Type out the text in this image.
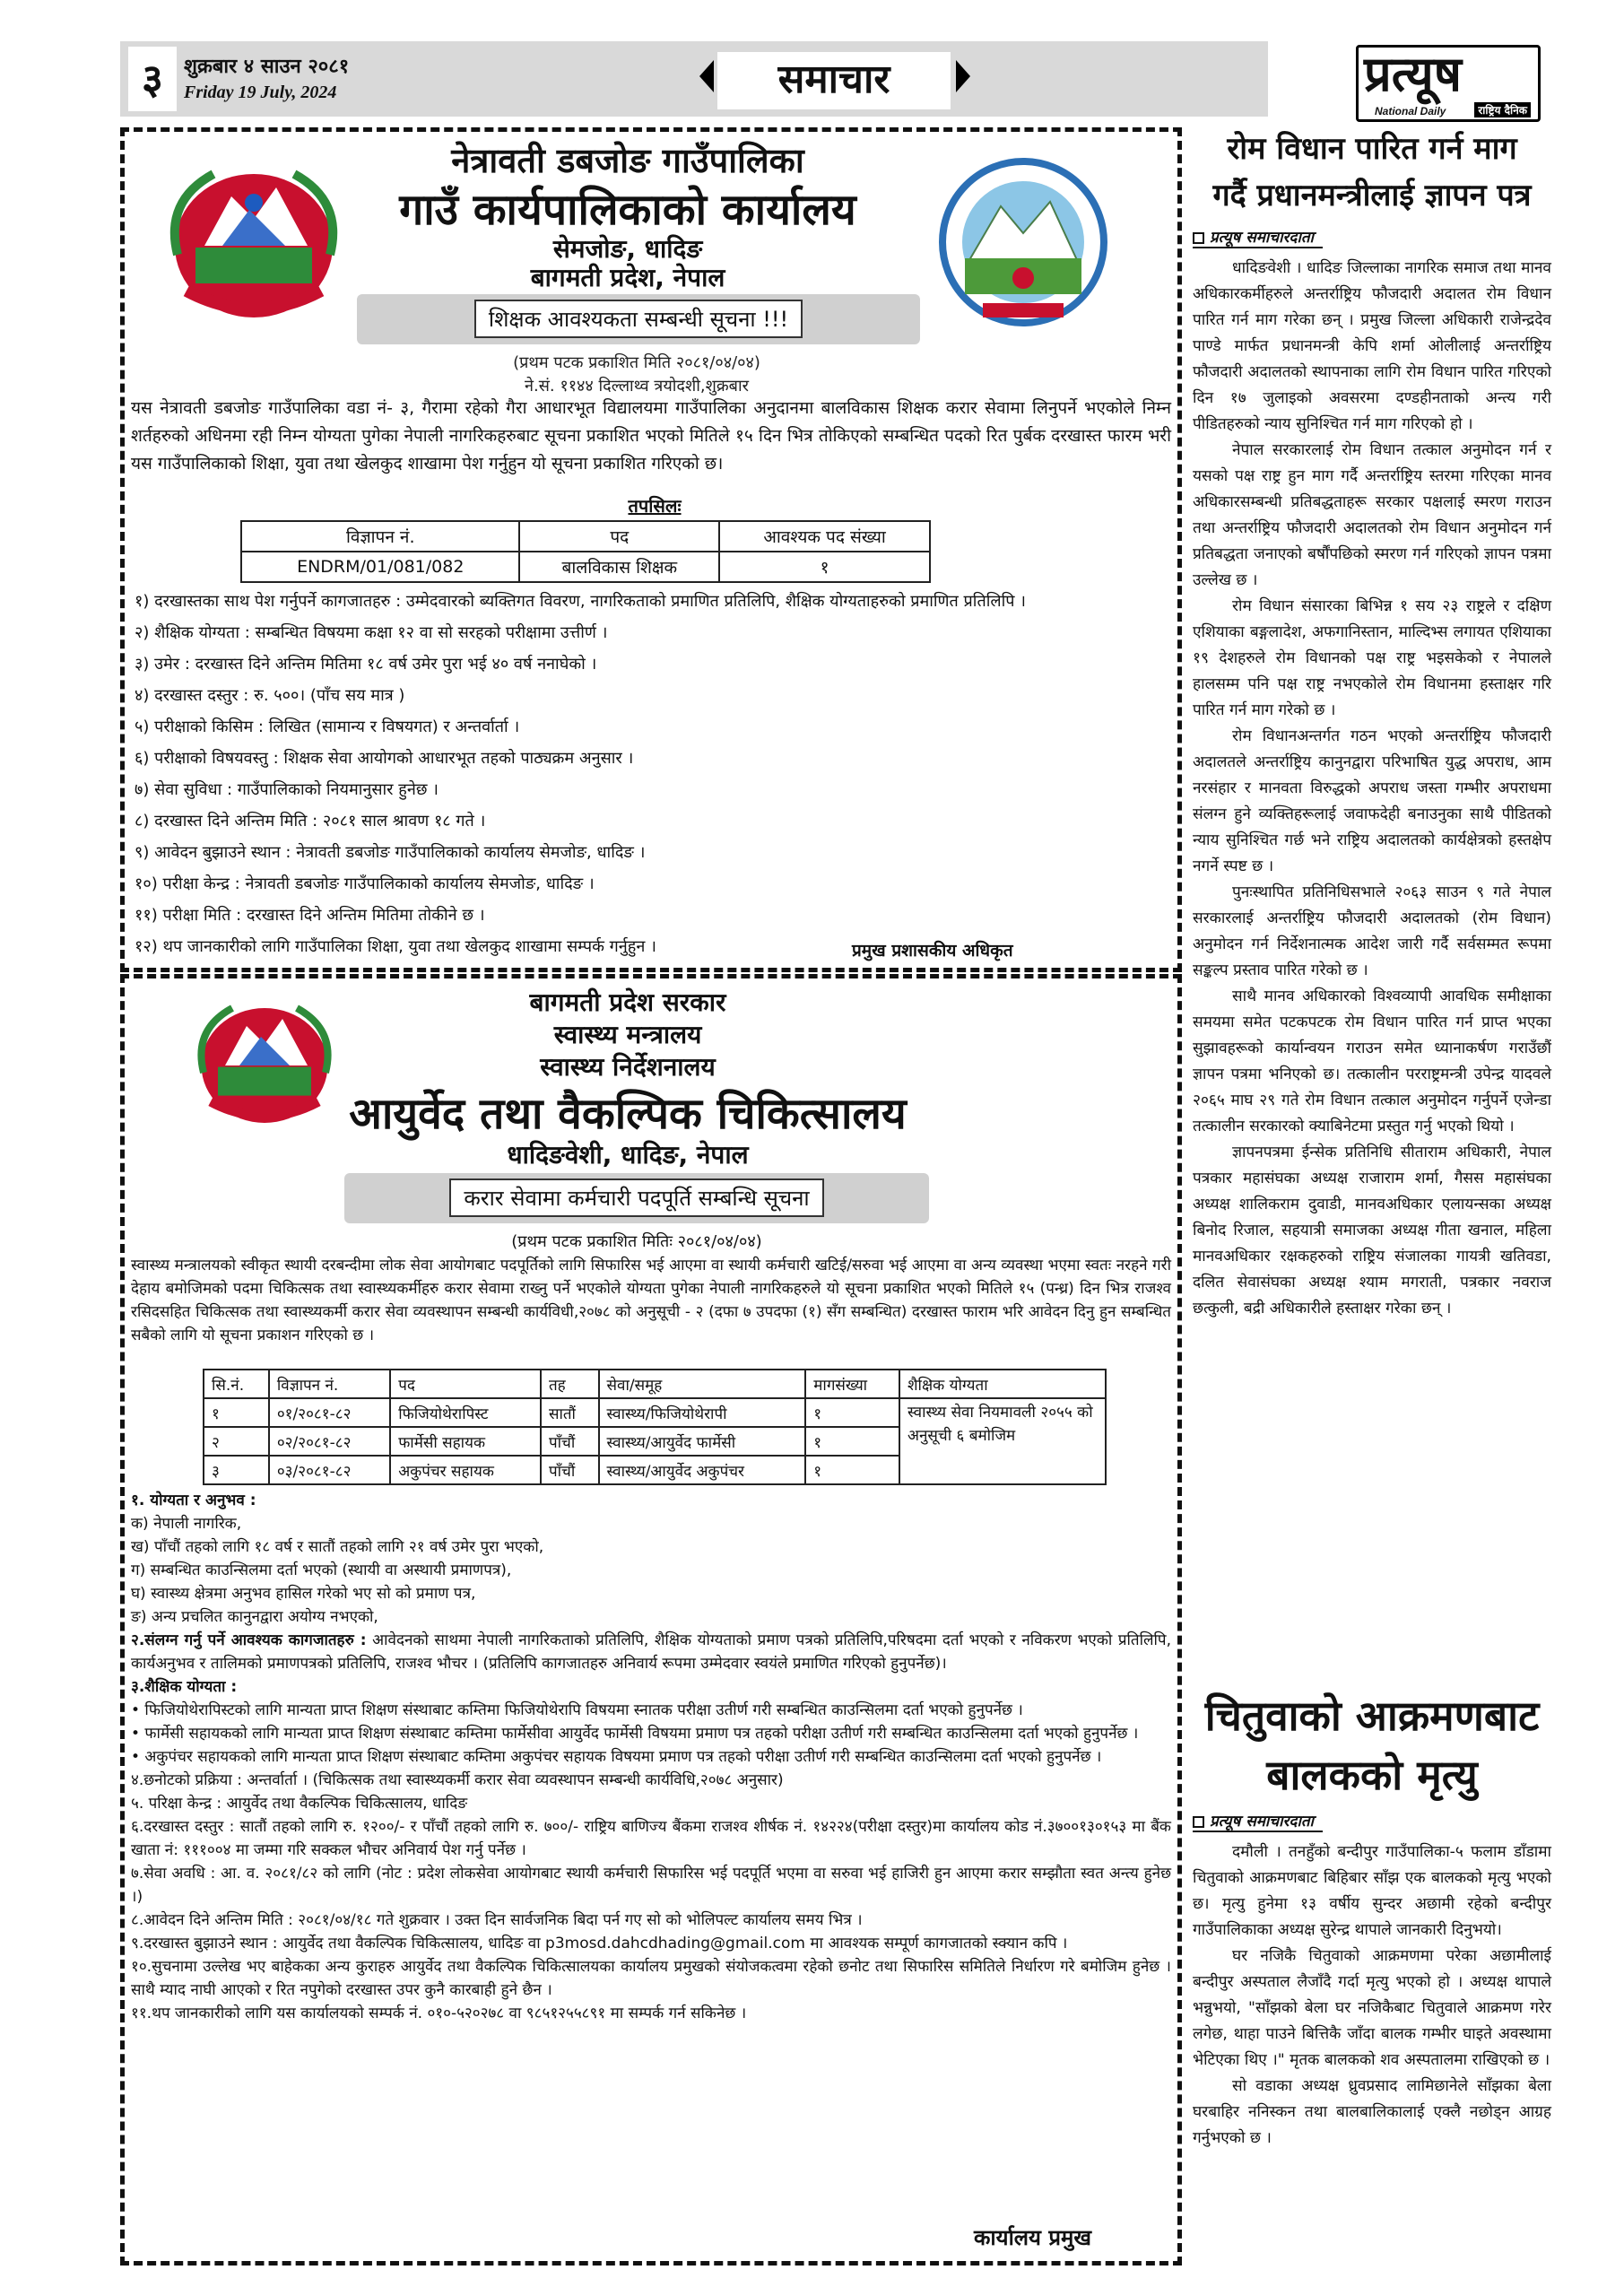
३	शुक्रबार ४ साउन २०८१
Friday 19 July, 2024	समाचार	प्रत्यूष
National Daily	राष्ट्रिय दैनिक
नेत्रावती डबजोङ गाउँपालिका
गाउँ कार्यपालिकाको कार्यालय
सेमजोङ, धादिङ
बागमती प्रदेश, नेपाल
शिक्षक आवश्यकता सम्बन्धी सूचना !!!
(प्रथम पटक प्रकाशित मिति २०८१/०४/०४)
ने.सं. ११४४ दिल्लाथ्व त्रयोदशी,शुक्रबार
यस नेत्रावती डबजोङ गाउँपालिका वडा नं- ३, गैरामा रहेको गैरा आधारभूत विद्यालयमा गाउँपालिका अनुदानमा बालविकास शिक्षक करार सेवामा लिनुपर्ने भएकोले निम्न शर्तहरुको अधिनमा रही निम्न योग्यता पुगेका नेपाली नागरिकहरुबाट सूचना प्रकाशित भएको मितिले १५ दिन भित्र तोकिएको सम्बन्धित पदको रित पुर्बक दरखास्त फारम भरी यस गाउँपालिकाको शिक्षा, युवा तथा खेलकुद शाखामा पेश गर्नुहुन यो सूचना प्रकाशित गरिएको छ।
तपसिलः
विज्ञापन नं.	पद	आवश्यक पद संख्या
ENDRM/01/081/082	बालविकास शिक्षक	१
१) दरखास्तका साथ पेश गर्नुपर्ने कागजातहरु : उम्मेदवारको ब्यक्तिगत विवरण, नागरिकताको प्रमाणित प्रतिलिपि, शैक्षिक योग्यताहरुको प्रमाणित प्रतिलिपि ।
२) शैक्षिक योग्यता : सम्बन्धित विषयमा कक्षा १२ वा सो सरहको परीक्षामा उत्तीर्ण ।
३) उमेर : दरखास्त दिने अन्तिम मितिमा १८ वर्ष उमेर पुरा भई ४० वर्ष ननाघेको ।
४) दरखास्त दस्तुर : रु. ५००। (पाँच सय मात्र )
५) परीक्षाको किसिम : लिखित (सामान्य र विषयगत) र अन्तर्वार्ता ।
६) परीक्षाको विषयवस्तु : शिक्षक सेवा आयोगको आधारभूत तहको पाठ्यक्रम अनुसार ।
७) सेवा सुविधा : गाउँपालिकाको नियमानुसार हुनेछ ।
८) दरखास्त दिने अन्तिम मिति : २०८१ साल श्रावण १८ गते ।
९) आवेदन बुझाउने स्थान : नेत्रावती डबजोङ गाउँपालिकाको कार्यालय सेमजोङ, धादिङ ।
१०) परीक्षा केन्द्र : नेत्रावती डबजोङ गाउँपालिकाको कार्यालय सेमजोङ, धादिङ ।
११) परीक्षा मिति : दरखास्त दिने अन्तिम मितिमा तोकीने छ ।
१२) थप जानकारीको लागि गाउँपालिका शिक्षा, युवा तथा खेलकुद शाखामा सम्पर्क गर्नुहुन ।	प्रमुख प्रशासकीय अधिकृत
बागमती प्रदेश सरकार
स्वास्थ्य मन्त्रालय
स्वास्थ्य निर्देशनालय
आयुर्वेद तथा वैकल्पिक चिकित्सालय
धादिङवेशी, धादिङ, नेपाल
करार सेवामा कर्मचारी पदपूर्ति सम्बन्धि सूचना
(प्रथम पटक प्रकाशित मितिः २०८१/०४/०४)

स्वास्थ्य मन्त्रालयको स्वीकृत स्थायी दरबन्दीमा लोक सेवा आयोगबाट पदपूर्तिको लागि सिफारिस भई आएमा वा स्थायी कर्मचारी खटिई/सरुवा भई आएमा वा अन्य व्यवस्था भएमा स्वतः नरहने गरी देहाय बमोजिमको पदमा चिकित्सक तथा स्वास्थ्यकर्मीहरु करार सेवामा राख्नु पर्ने भएकोले योग्यता पुगेका नेपाली नागरिकहरुले यो सूचना प्रकाशित भएको मितिले १५ (पन्ध्र) दिन भित्र राजश्व रसिदसहित चिकित्सक तथा स्वास्थ्यकर्मी करार सेवा व्यवस्थापन सम्बन्धी कार्यविधी,२०७८ को अनुसूची - २ (दफा ७ उपदफा (१) सँग सम्बन्धित) दरखास्त फाराम भरि आवेदन दिनु हुन सम्बन्धित सबैको लागि यो सूचना प्रकाशन गरिएको छ ।

सि.नं.	विज्ञापन नं.	पद	तह	सेवा/समूह	मागसंख्या	शैक्षिक योग्यता
१	०१/२०८१-८२	फिजियोथेरापिस्ट	सातौं	स्वास्थ्य/फिजियोथेरापी	१	स्वास्थ्य सेवा नियमावली २०५५ को अनुसूची ६ बमोजिम
२	०२/२०८१-८२	फार्मेसी सहायक	पाँचौं	स्वास्थ्य/आयुर्वेद फार्मेसी	१	
३	०३/२०८१-८२	अकुपंचर सहायक	पाँचौं	स्वास्थ्य/आयुर्वेद अकुपंचर	१	
१. योग्यता र अनुभव :
क) नेपाली नागरिक,
ख) पाँचौं तहको लागि १८ वर्ष र सातौं तहको लागि २१ वर्ष उमेर पुरा भएको,
ग) सम्बन्धित काउन्सिलमा दर्ता भएको (स्थायी वा अस्थायी प्रमाणपत्र),
घ) स्वास्थ्य क्षेत्रमा अनुभव हासिल गरेको भए सो को प्रमाण पत्र,
ङ) अन्य प्रचलित कानुनद्वारा अयोग्य नभएको,

२.संलग्न गर्नु पर्ने आवश्यक कागजातहरु : आवेदनको साथमा नेपाली नागरिकताको प्रतिलिपि, शैक्षिक योग्यताको प्रमाण पत्रको प्रतिलिपि,परिषदमा दर्ता भएको र नविकरण भएको प्रतिलिपि, कार्यअनुभव र तालिमको प्रमाणपत्रको प्रतिलिपि, राजश्व भौचर । (प्रतिलिपि कागजातहरु अनिवार्य रूपमा उम्मेदवार स्वयंले प्रमाणित गरिएको हुनुपर्नेछ)।

३.शैक्षिक योग्यता :

• फिजियोथेरापिस्टको लागि मान्यता प्राप्त शिक्षण संस्थाबाट कम्तिमा फिजियोथेरापि विषयमा स्नातक परीक्षा उतीर्ण गरी सम्बन्धित काउन्सिलमा दर्ता भएको हुनुपर्नेछ ।

• फार्मेसी सहायकको लागि मान्यता प्राप्त शिक्षण संस्थाबाट कम्तिमा फार्मेसीवा आयुर्वेद फार्मेसी विषयमा प्रमाण पत्र तहको परीक्षा उतीर्ण गरी सम्बन्धित काउन्सिलमा दर्ता भएको हुनुपर्नेछ ।

• अकुपंचर सहायकको लागि मान्यता प्राप्त शिक्षण संस्थाबाट कम्तिमा अकुपंचर सहायक विषयमा प्रमाण पत्र तहको परीक्षा उतीर्ण गरी सम्बन्धित काउन्सिलमा दर्ता भएको हुनुपर्नेछ ।

४.छनोटको प्रक्रिया : अन्तर्वार्ता । (चिकित्सक तथा स्वास्थ्यकर्मी करार सेवा व्यवस्थापन सम्बन्धी कार्यविधि,२०७८ अनुसार)

५. परिक्षा केन्द्र : आयुर्वेद तथा वैकल्पिक चिकित्सालय, धादिङ

६.दरखास्त दस्तुर : सातौं तहको लागि रु. १२००/- र पाँचौं तहको लागि रु. ७००/- राष्ट्रिय बाणिज्य बैंकमा राजश्व शीर्षक नं. १४२२४(परीक्षा दस्तुर)मा कार्यालय कोड नं.३७००१३०१५३ मा बैंक खाता नं: १११००४ मा जम्मा गरि सक्कल भौचर अनिवार्य पेश गर्नु पर्नेछ ।

७.सेवा अवधि : आ. व. २०८१/८२ को लागि (नोट : प्रदेश लोकसेवा आयोगबाट स्थायी कर्मचारी सिफारिस भई पदपूर्ति भएमा वा सरुवा भई हाजिरी हुन आएमा करार सम्झौता स्वत अन्त्य हुनेछ ।)

८.आवेदन दिने अन्तिम मिति : २०८१/०४/१८ गते शुक्रवार । उक्त दिन सार्वजनिक बिदा पर्न गए सो को भोलिपल्ट कार्यालय समय भित्र ।

९.दरखास्त बुझाउने स्थान : आयुर्वेद तथा वैकल्पिक चिकित्सालय, धादिङ वा p3mosd.dahcdhading@gmail.com मा आवश्यक सम्पूर्ण कागजातको स्क्यान कपि ।

१०.सुचनामा उल्लेख भए बाहेकका अन्य कुराहरु आयुर्वेद तथा वैकल्पिक चिकित्सालयका कार्यालय प्रमुखको संयोजकत्वमा रहेको छनोट तथा सिफारिस समितिले निर्धारण गरे बमोजिम हुनेछ । साथै म्याद नाघी आएको र रित नपुगेको दरखास्त उपर कुनै कारबाही हुने छैन ।

११.थप जानकारीको लागि यस कार्यालयको सम्पर्क नं. ०१०-५२०२७८ वा ९८५१२५५८९१ मा सम्पर्क गर्न सकिनेछ ।

कार्यालय प्रमुख
रोम विधान पारित गर्न माग
गर्दै प्रधानमन्त्रीलाई ज्ञापन पत्र
प्रत्यूष समाचारदाता

धादिङवेशी । धादिङ जिल्लाका नागरिक समाज तथा मानव अधिकारकर्मीहरुले अन्तर्राष्ट्रिय फौजदारी अदालत रोम विधान पारित गर्न माग गरेका छन् । प्रमुख जिल्ला अधिकारी राजेन्द्रदेव पाण्डे मार्फत प्रधानमन्त्री केपि शर्मा ओलीलाई अन्तर्राष्ट्रिय फौजदारी अदालतको स्थापनाका लागि रोम विधान पारित गरिएको दिन १७ जुलाइको अवसरमा दण्डहीनताको अन्त्य गरी पीडितहरुको न्याय सुनिश्चित गर्न माग गरिएको हो ।

नेपाल सरकारलाई रोम विधान तत्काल अनुमोदन गर्न र यसको पक्ष राष्ट्र हुन माग गर्दै अन्तर्राष्ट्रिय स्तरमा गरिएका मानव अधिकारसम्बन्धी प्रतिबद्धताहरू सरकार पक्षलाई स्मरण गराउन तथा अन्तर्राष्ट्रिय फौजदारी अदालतको रोम विधान अनुमोदन गर्न प्रतिबद्धता जनाएको बर्षौंपछिको स्मरण गर्न गरिएको ज्ञापन पत्रमा उल्लेख छ ।

रोम विधान संसारका बिभिन्न १ सय २३ राष्ट्रले र दक्षिण एशियाका बङ्गलादेश, अफगानिस्तान, माल्दिभ्स लगायत एशियाका १९ देशहरुले रोम विधानको पक्ष राष्ट्र भइसकेको र नेपालले हालसम्म पनि पक्ष राष्ट्र नभएकोले रोम विधानमा हस्ताक्षर गरि पारित गर्न माग गरेको छ ।

रोम विधानअन्तर्गत गठन भएको अन्तर्राष्ट्रिय फौजदारी अदालतले अन्तर्राष्ट्रिय कानुनद्वारा परिभाषित युद्ध अपराध, आम नरसंहार र मानवता विरुद्धको अपराध जस्ता गम्भीर अपराधमा संलग्न हुने व्यक्तिहरूलाई जवाफदेही बनाउनुका साथै पीडितको न्याय सुनिश्चित गर्छ भने राष्ट्रिय अदालतको कार्यक्षेत्रको हस्तक्षेप नगर्ने स्पष्ट छ ।

पुनःस्थापित प्रतिनिधिसभाले २०६३ साउन ९ गते नेपाल सरकारलाई अन्तर्राष्ट्रिय फौजदारी अदालतको (रोम विधान) अनुमोदन गर्न निर्देशनात्मक आदेश जारी गर्दै सर्वसम्मत रूपमा सङ्कल्प प्रस्ताव पारित गरेको छ ।

साथै मानव अधिकारको विश्वव्यापी आवधिक समीक्षाका समयमा समेत पटकपटक रोम विधान पारित गर्न प्राप्त भएका सुझावहरूको कार्यान्वयन गराउन समेत ध्यानाकर्षण गराउँछौं ज्ञापन पत्रमा भनिएको छ। तत्कालीन परराष्ट्रमन्त्री उपेन्द्र यादवले २०६५ माघ २९ गते रोम विधान तत्काल अनुमोदन गर्नुपर्ने एजेन्डा तत्कालीन सरकारको क्याबिनेटमा प्रस्तुत गर्नु भएको थियो ।

ज्ञापनपत्रमा ईन्सेक प्रतिनिधि सीताराम अधिकारी, नेपाल पत्रकार महासंघका अध्यक्ष राजाराम शर्मा, गैसस महासंघका अध्यक्ष शालिकराम दुवाडी, मानवअधिकार एलायन्सका अध्यक्ष बिनोद रिजाल, सहयात्री समाजका अध्यक्ष गीता खनाल, महिला मानवअधिकार रक्षकहरुको राष्ट्रिय संजालका गायत्री खतिवडा, दलित सेवासंघका अध्यक्ष श्याम मगराती, पत्रकार नवराज छत्कुली, बद्री अधिकारीले हस्ताक्षर गरेका छन् ।

चितुवाको आक्रमणबाट
बालकको मृत्यु
प्रत्यूष समाचारदाता

दमौली । तनहुँको बन्दीपुर गाउँपालिका-५ फलाम डाँडामा चितुवाको आक्रमणबाट बिहिबार साँझ एक बालकको मृत्यु भएको छ। मृत्यु हुनेमा १३ वर्षीय सुन्दर अछामी रहेको बन्दीपुर गाउँपालिकाका अध्यक्ष सुरेन्द्र थापाले जानकारी दिनुभयो।

घर नजिकै चितुवाको आक्रमणमा परेका अछामीलाई बन्दीपुर अस्पताल लैजाँदै गर्दा मृत्यु भएको हो । अध्यक्ष थापाले भन्नुभयो, "साँझको बेला घर नजिकैबाट चितुवाले आक्रमण गरेर लगेछ, थाहा पाउने बित्तिकै जाँदा बालक गम्भीर घाइते अवस्थामा भेटिएका थिए ।" मृतक बालकको शव अस्पतालमा राखिएको छ ।

सो वडाका अध्यक्ष ध्रुवप्रसाद लामिछानेले साँझका बेला घरबाहिर ननिस्कन तथा बालबालिकालाई एक्लै नछोड्न आग्रह गर्नुभएको छ ।
